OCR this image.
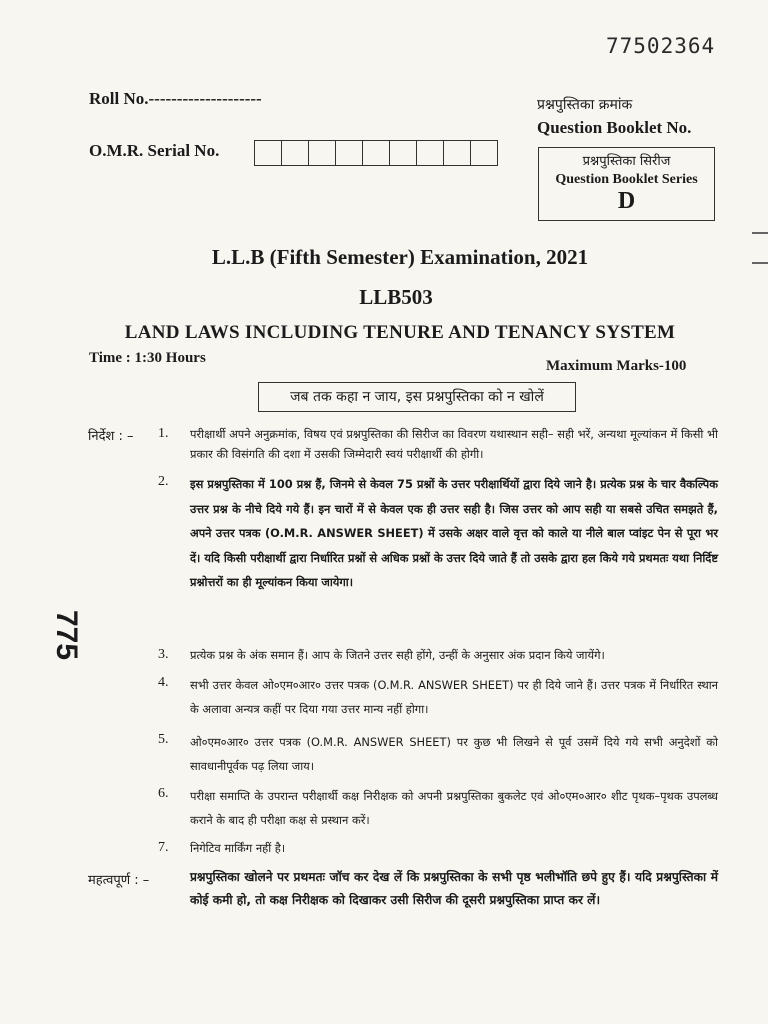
77502364
Roll No.--------------------
O.M.R. Serial No.
प्रश्नपुस्तिका क्रमांक
Question Booklet No.
प्रश्नपुस्तिका सिरीज
Question Booklet Series
D
L.L.B (Fifth Semester) Examination, 2021
LLB503
LAND LAWS INCLUDING TENURE AND TENANCY SYSTEM
Time : 1:30 Hours	Maximum Marks-100
जब तक कहा न जाय, इस प्रश्नपुस्तिका को न खोलें
775
निर्देश : – 1. परीक्षार्थी अपने अनुक्रमांक, विषय एवं प्रश्नपुस्तिका की सिरीज का विवरण यथास्थान सही– सही भरें, अन्यथा मूल्यांकन में किसी भी प्रकार की विसंगति की दशा में उसकी जिम्मेदारी स्वयं परीक्षार्थी की होगी।
2. इस प्रश्नपुस्तिका में 100 प्रश्न हैं, जिनमे से केवल 75 प्रश्नों के उत्तर परीक्षार्थियों द्वारा दिये जाने है। प्रत्येक प्रश्न के चार वैकल्पिक उत्तर प्रश्न के नीचे दिये गये हैं। इन चारों में से केवल एक ही उत्तर सही है। जिस उत्तर को आप सही या सबसे उचित समझते हैं, अपने उत्तर पत्रक (O.M.R. ANSWER SHEET) में उसके अक्षर वाले वृत्त को काले या नीले बाल प्वांइट पेन से पूरा भर दें। यदि किसी परीक्षार्थी द्वारा निर्धारित प्रश्नों से अधिक प्रश्नों के उत्तर दिये जाते हैं तो उसके द्वारा हल किये गये प्रथमतः यथा निर्दिष्ट प्रश्नोत्तरों का ही मूल्यांकन किया जायेगा।
3. प्रत्येक प्रश्न के अंक समान हैं। आप के जितने उत्तर सही होंगे, उन्हीं के अनुसार अंक प्रदान किये जायेंगे।
4. सभी उत्तर केवल ओ०एम०आर० उत्तर पत्रक (O.M.R. ANSWER SHEET) पर ही दिये जाने हैं। उत्तर पत्रक में निर्धारित स्थान के अलावा अन्यत्र कहीं पर दिया गया उत्तर मान्य नहीं होगा।
5. ओ०एम०आर० उत्तर पत्रक (O.M.R. ANSWER SHEET) पर कुछ भी लिखने से पूर्व उसमें दिये गये सभी अनुदेशों को सावधानीपूर्वक पढ़ लिया जाय।
6. परीक्षा समाप्ति के उपरान्त परीक्षार्थी कक्ष निरीक्षक को अपनी प्रश्नपुस्तिका बुकलेट एवं ओ०एम०आर० शीट पृथक–पृथक उपलब्ध कराने के बाद ही परीक्षा कक्ष से प्रस्थान करें।
7. निगेटिव मार्किंग नहीं है।
महत्वपूर्ण : –	प्रश्नपुस्तिका खोलने पर प्रथमतः जॉच कर देख लें कि प्रश्नपुस्तिका के सभी पृष्ठ भलीभॉति छपे हुए हैं। यदि प्रश्नपुस्तिका में कोई कमी हो, तो कक्ष निरीक्षक को दिखाकर उसी सिरीज की दूसरी प्रश्नपुस्तिका प्राप्त कर लें।
